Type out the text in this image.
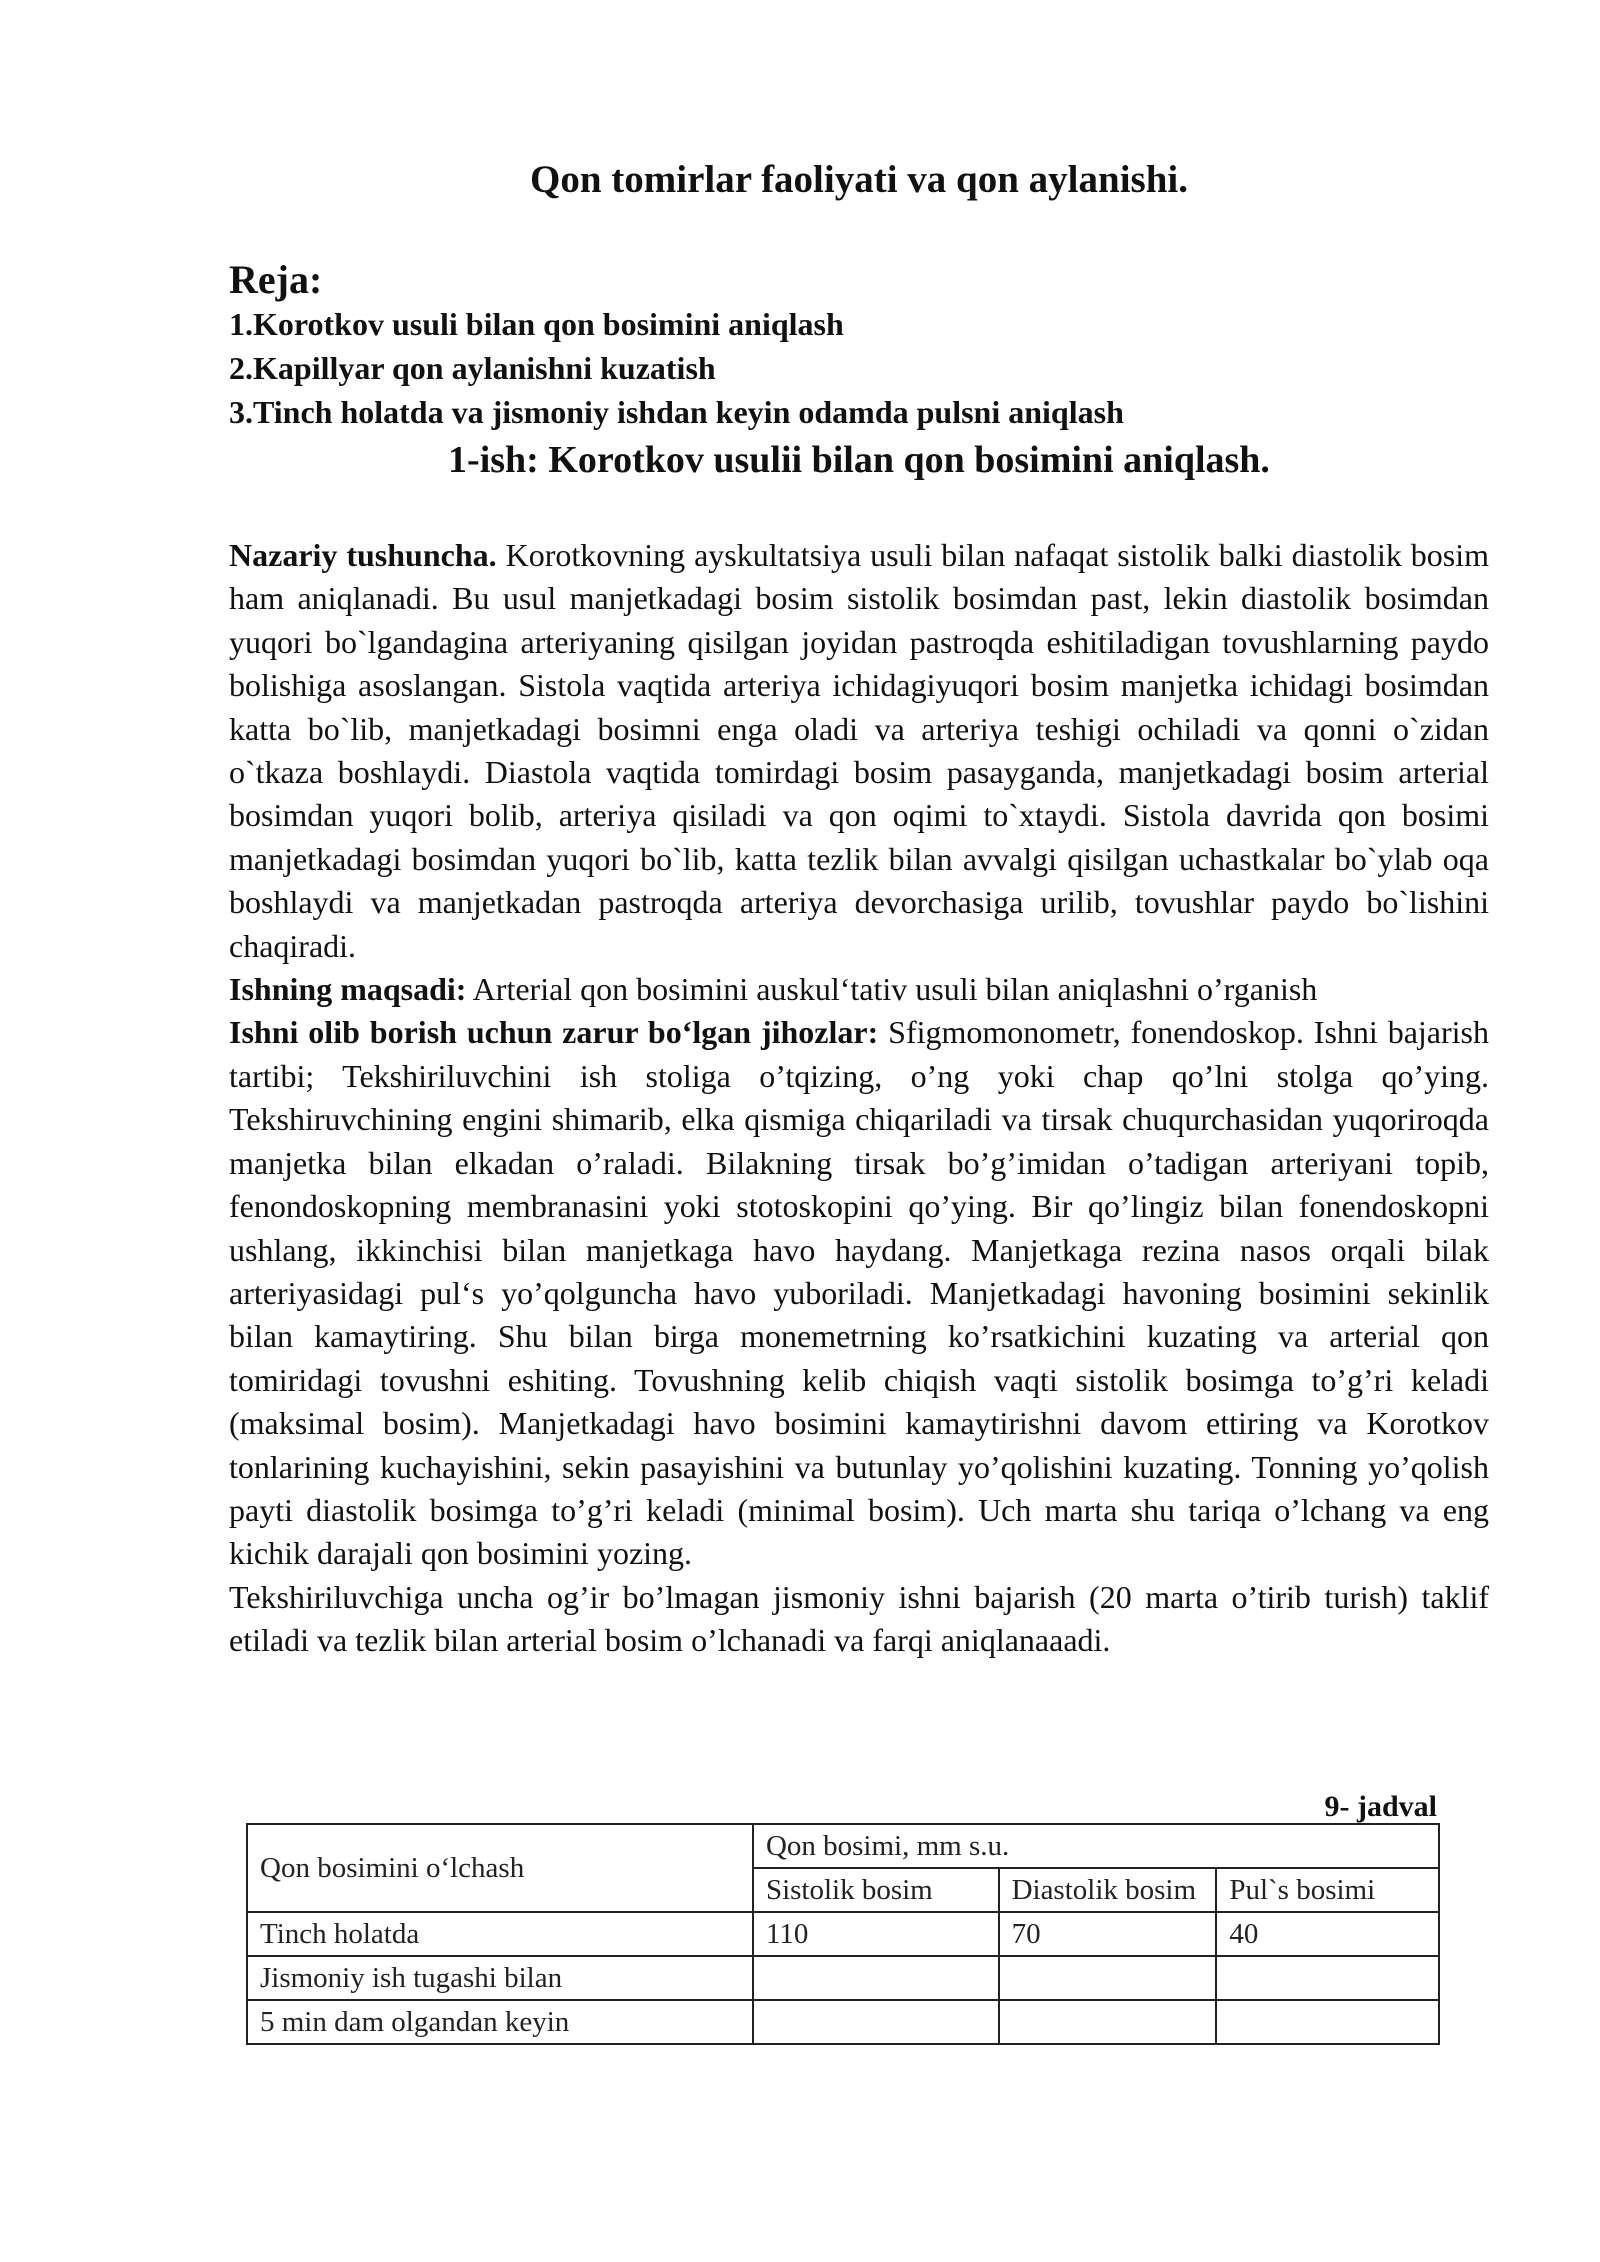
Qon tomirlar faoliyati va qon aylanishi.
Reja:
1.Korotkov usuli bilan qon bosimini aniqlash
2.Kapillyar qon aylanishni kuzatish
3.Tinch holatda va jismoniy ishdan keyin odamda pulsni aniqlash
1-ish: Korotkov usulii bilan qon bosimini aniqlash.

Nazariy tushuncha. Korotkovning ayskultatsiya usuli bilan nafaqat sistolik balki diastolik bosim ham aniqlanadi. Bu usul manjetkadagi bosim sistolik bosimdan past, lekin diastolik bosimdan yuqori bo`lgandagina arteriyaning qisilgan joyidan pastroqda eshitiladigan tovushlarning paydo bolishiga asoslangan. Sistola vaqtida arteriya ichidagiyuqori bosim manjetka ichidagi bosimdan katta bo`lib, manjetkadagi bosimni enga oladi va arteriya teshigi ochiladi va qonni o`zidan o`tkaza boshlaydi. Diastola vaqtida tomirdagi bosim pasayganda, manjetkadagi bosim arterial bosimdan yuqori bolib, arteriya qisiladi va qon oqimi to`xtaydi. Sistola davrida qon bosimi manjetkadagi bosimdan yuqori bo`lib, katta tezlik bilan avvalgi qisilgan uchastkalar bo`ylab oqa boshlaydi va manjetkadan pastroqda arteriya devorchasiga urilib, tovushlar paydo bo`lishini chaqiradi.

Ishning maqsadi: Arterial qon bosimini auskul‘tativ usuli bilan aniqlashni o’rganish

Ishni olib borish uchun zarur bo‘lgan jihozlar: Sfigmomonometr, fonendoskop. Ishni bajarish tartibi; Tekshiriluvchini ish stoliga o’tqizing, o’ng yoki chap qo’lni stolga qo’ying. Tekshiruvchining engini shimarib, elka qismiga chiqariladi va tirsak chuqurchasidan yuqoriroqda manjetka bilan elkadan o’raladi. Bilakning tirsak bo’g’imidan o’tadigan arteriyani topib, fenondoskopning membranasini yoki stotoskopini qo’ying. Bir qo’lingiz bilan fonendoskopni ushlang, ikkinchisi bilan manjetkaga havo haydang. Manjetkaga rezina nasos orqali bilak arteriyasidagi pul‘s yo’qolguncha havo yuboriladi. Manjetkadagi havoning bosimini sekinlik bilan kamaytiring. Shu bilan birga monemetrning ko’rsatkichini kuzating va arterial qon tomiridagi tovushni eshiting. Tovushning kelib chiqish vaqti sistolik bosimga to’g’ri keladi (maksimal bosim). Manjetkadagi havo bosimini kamaytirishni davom ettiring va Korotkov tonlarining kuchayishini, sekin pasayishini va butunlay yo’qolishini kuzating. Tonning yo’qolish payti diastolik bosimga to’g’ri keladi (minimal bosim). Uch marta shu tariqa o’lchang va eng kichik darajali qon bosimini yozing.

Tekshiriluvchiga uncha og’ir bo’lmagan jismoniy ishni bajarish (20 marta o’tirib turish) taklif etiladi va tezlik bilan arterial bosim o’lchanadi va farqi aniqlanaaadi.

9- jadval
Qon bosimini o‘lchash	Qon bosimi, mm s.u.		
	Sistolik bosim	Diastolik bosim	Pul`s bosimi
Tinch holatda	110	70	40
Jismoniy ish tugashi bilan			
5 min dam olgandan keyin			
